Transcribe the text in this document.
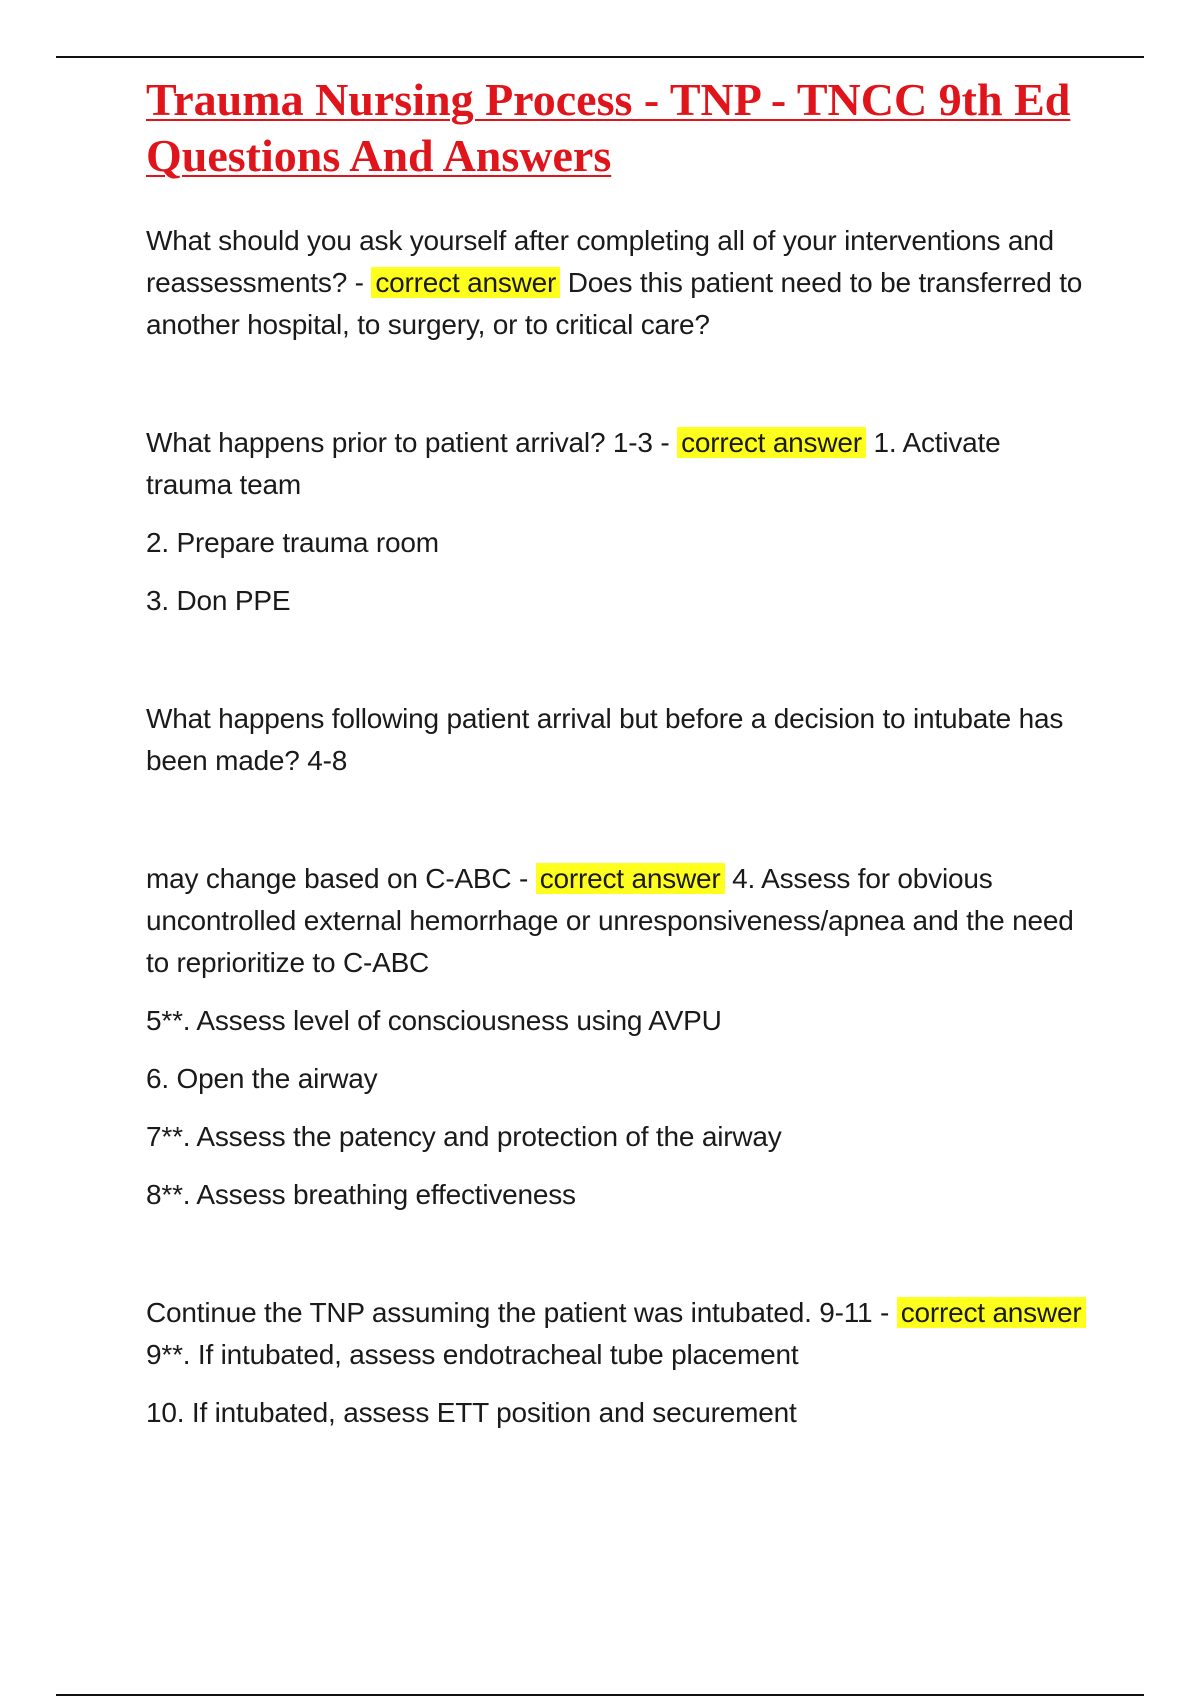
Trauma Nursing Process - TNP - TNCC 9th Ed Questions And Answers

What should you ask yourself after completing all of your interventions and reassessments? - correct answer Does this patient need to be transferred to another hospital, to surgery, or to critical care?

What happens prior to patient arrival? 1-3 - correct answer 1. Activate trauma team

2. Prepare trauma room

3. Don PPE

What happens following patient arrival but before a decision to intubate has been made? 4-8

may change based on C-ABC - correct answer 4. Assess for obvious uncontrolled external hemorrhage or unresponsiveness/apnea and the need to reprioritize to C-ABC

5**. Assess level of consciousness using AVPU

6. Open the airway

7**. Assess the patency and protection of the airway

8**. Assess breathing effectiveness

Continue the TNP assuming the patient was intubated. 9-11 - correct answer 9**. If intubated, assess endotracheal tube placement

10. If intubated, assess ETT position and securement
